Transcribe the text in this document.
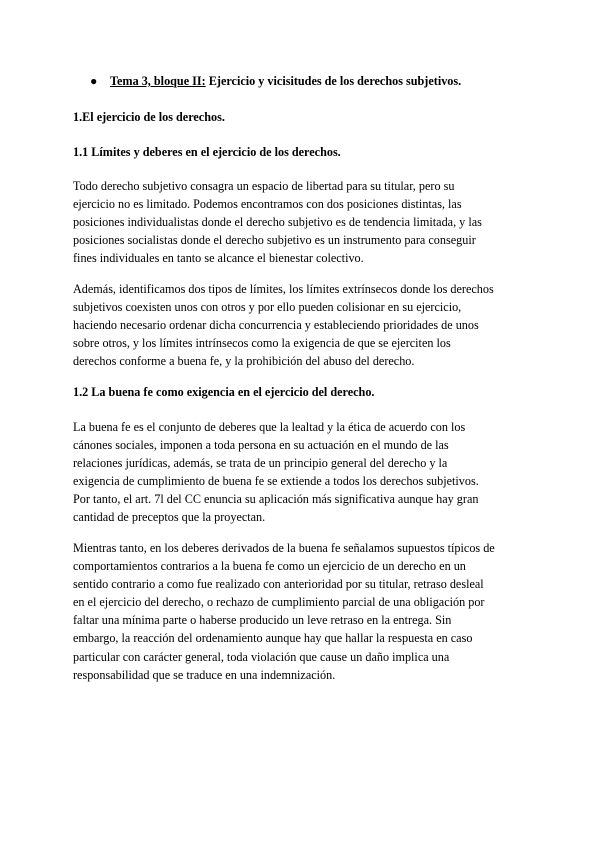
● Tema 3, bloque II: Ejercicio y vicisitudes de los derechos subjetivos.
1.El ejercicio de los derechos.
1.1 Límites y deberes en el ejercicio de los derechos.
Todo derecho subjetivo consagra un espacio de libertad para su titular, pero su
ejercicio no es limitado. Podemos encontramos con dos posiciones distintas, las
posiciones individualistas donde el derecho subjetivo es de tendencia limitada, y las
posiciones socialistas donde el derecho subjetivo es un instrumento para conseguir
fines individuales en tanto se alcance el bienestar colectivo.
Además, identificamos dos tipos de límites, los límites extrínsecos donde los derechos
subjetivos coexisten unos con otros y por ello pueden colisionar en su ejercicio,
haciendo necesario ordenar dicha concurrencia y estableciendo prioridades de unos
sobre otros, y los límites intrínsecos como la exigencia de que se ejerciten los
derechos conforme a buena fe, y la prohibición del abuso del derecho.
1.2 La buena fe como exigencia en el ejercicio del derecho.
La buena fe es el conjunto de deberes que la lealtad y la ética de acuerdo con los
cánones sociales, imponen a toda persona en su actuación en el mundo de las
relaciones jurídicas, además, se trata de un principio general del derecho y la
exigencia de cumplimiento de buena fe se extiende a todos los derechos subjetivos.
Por tanto, el art. 7l del CC enuncia su aplicación más significativa aunque hay gran
cantidad de preceptos que la proyectan.
Mientras tanto, en los deberes derivados de la buena fe señalamos supuestos típicos de
comportamientos contrarios a la buena fe como un ejercicio de un derecho en un
sentido contrario a como fue realizado con anterioridad por su titular, retraso desleal
en el ejercicio del derecho, o rechazo de cumplimiento parcial de una obligación por
faltar una mínima parte o haberse producido un leve retraso en la entrega. Sin
embargo, la reacción del ordenamiento aunque hay que hallar la respuesta en caso
particular con carácter general, toda violación que cause un daño implica una
responsabilidad que se traduce en una indemnización.
